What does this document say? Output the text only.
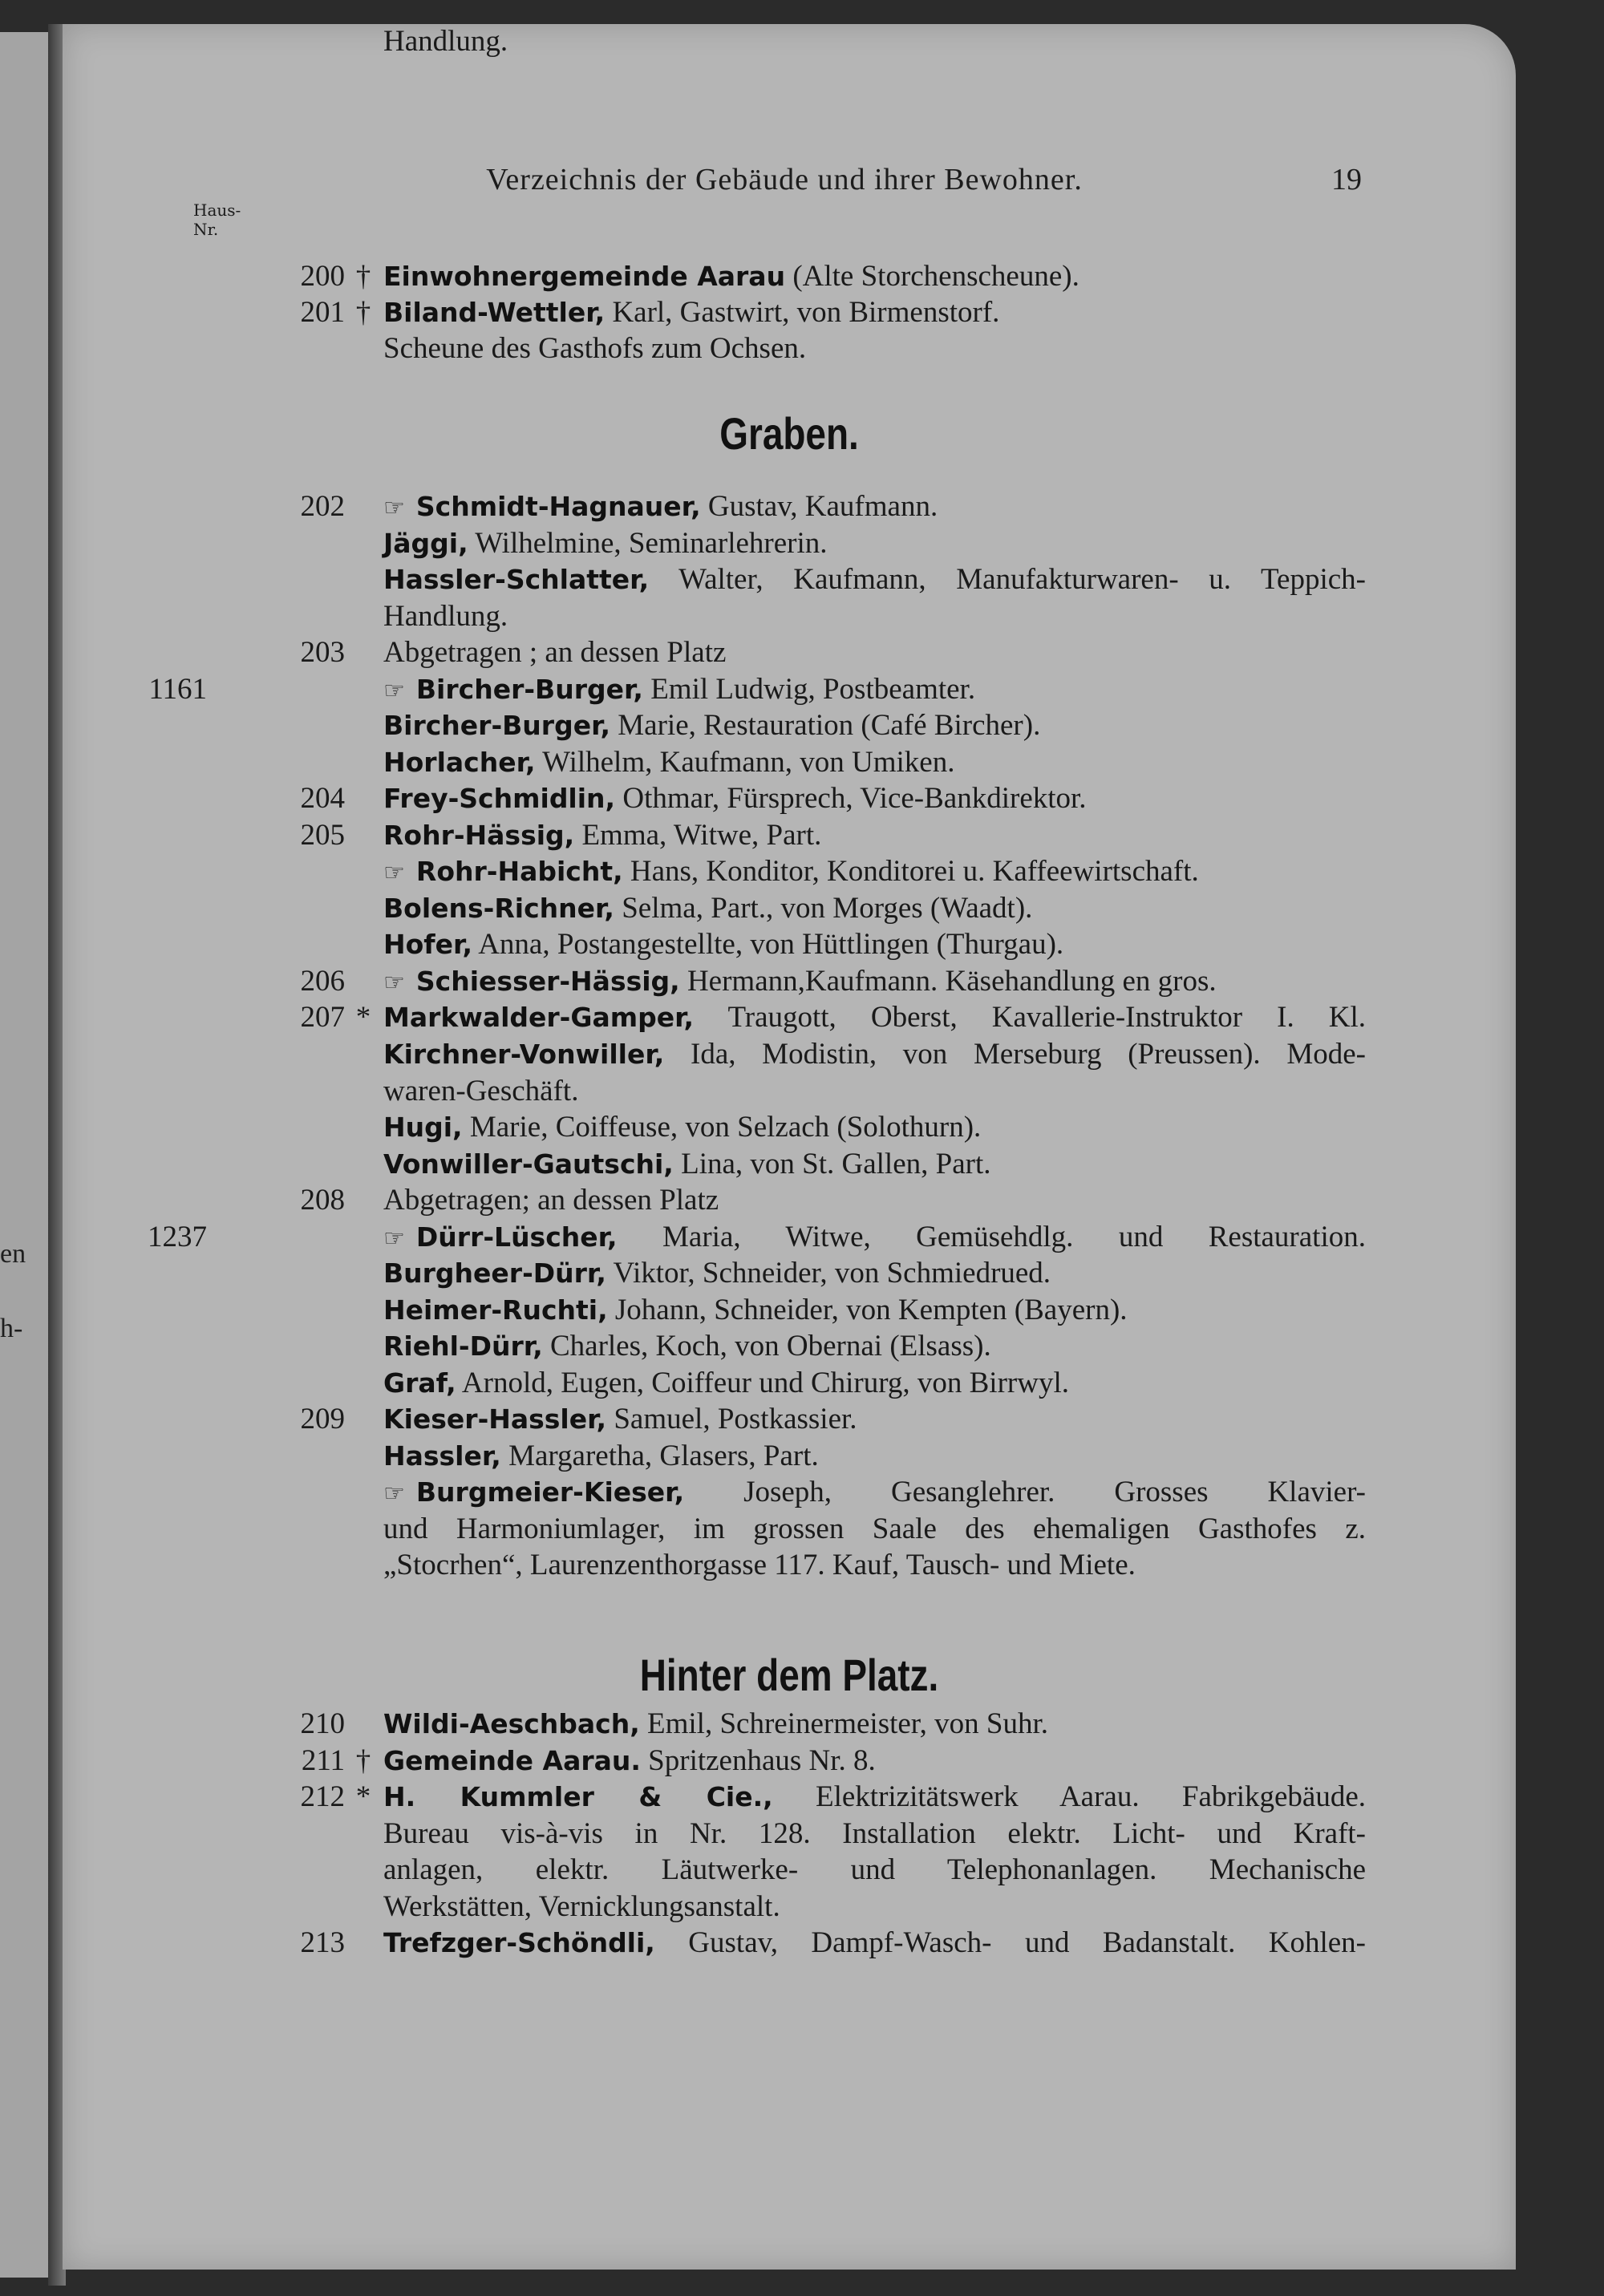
en
h-
Verzeichnis der Gebäude und ihrer Bewohner.	19
Haus-
Nr.
Graben.
Hinter dem Platz.
200 † Einwohnergemeinde Aarau (Alte Storchenscheune).
201 † Biland-Wettler, Karl, Gastwirt, von Birmenstorf.
Scheune des Gasthofs zum Ochsen.
202 ☞ Schmidt-Hagnauer, Gustav, Kaufmann.
Jäggi, Wilhelmine, Seminarlehrerin.
Hassler-Schlatter, Walter, Kaufmann, Manufakturwaren- u. Teppich-
Handlung.
203 Abgetragen ; an dessen Platz
1161	☞ Bircher-Burger, Emil Ludwig, Postbeamter.
Bircher-Burger, Marie, Restauration (Café Bircher).
Horlacher, Wilhelm, Kaufmann, von Umiken.
204 Frey-Schmidlin, Othmar, Fürsprech, Vice-Bankdirektor.
205 Rohr-Hässig, Emma, Witwe, Part.
☞ Rohr-Habicht, Hans, Konditor, Konditorei u. Kaffeewirtschaft.
Bolens-Richner, Selma, Part., von Morges (Waadt).
Hofer, Anna, Postangestellte, von Hüttlingen (Thurgau).
206 ☞ Schiesser-Hässig, Hermann,Kaufmann. Käsehandlung en gros.
207 * Markwalder-Gamper, Traugott, Oberst, Kavallerie-Instruktor I. Kl.
Kirchner-Vonwiller, Ida, Modistin, von Merseburg (Preussen). Mode-
waren-Geschäft.
Hugi, Marie, Coiffeuse, von Selzach (Solothurn).
Vonwiller-Gautschi, Lina, von St. Gallen, Part.
208 Abgetragen; an dessen Platz
1237	☞ Dürr-Lüscher, Maria, Witwe, Gemüsehdlg. und Restauration.
Burgheer-Dürr, Viktor, Schneider, von Schmiedrued.
Heimer-Ruchti, Johann, Schneider, von Kempten (Bayern).
Riehl-Dürr, Charles, Koch, von Obernai (Elsass).
Graf, Arnold, Eugen, Coiffeur und Chirurg, von Birrwyl.
209 Kieser-Hassler, Samuel, Postkassier.
Hassler, Margaretha, Glasers, Part.
☞ Burgmeier-Kieser, Joseph, Gesanglehrer. Grosses Klavier-
und Harmoniumlager, im grossen Saale des ehemaligen Gasthofes z.
„Stocrhen“, Laurenzenthorgasse 117. Kauf, Tausch- und Miete.
210 Wildi-Aeschbach, Emil, Schreinermeister, von Suhr.
211 † Gemeinde Aarau. Spritzenhaus Nr. 8.
212 * H. Kummler & Cie., Elektrizitätswerk Aarau. Fabrikgebäude.
Bureau vis-à-vis in Nr. 128. Installation elektr. Licht- und Kraft-
anlagen, elektr. Läutwerke- und Telephonanlagen. Mechanische
Werkstätten, Vernicklungsanstalt.
213 Trefzger-Schöndli, Gustav, Dampf-Wasch- und Badanstalt. Kohlen-
Handlung.
